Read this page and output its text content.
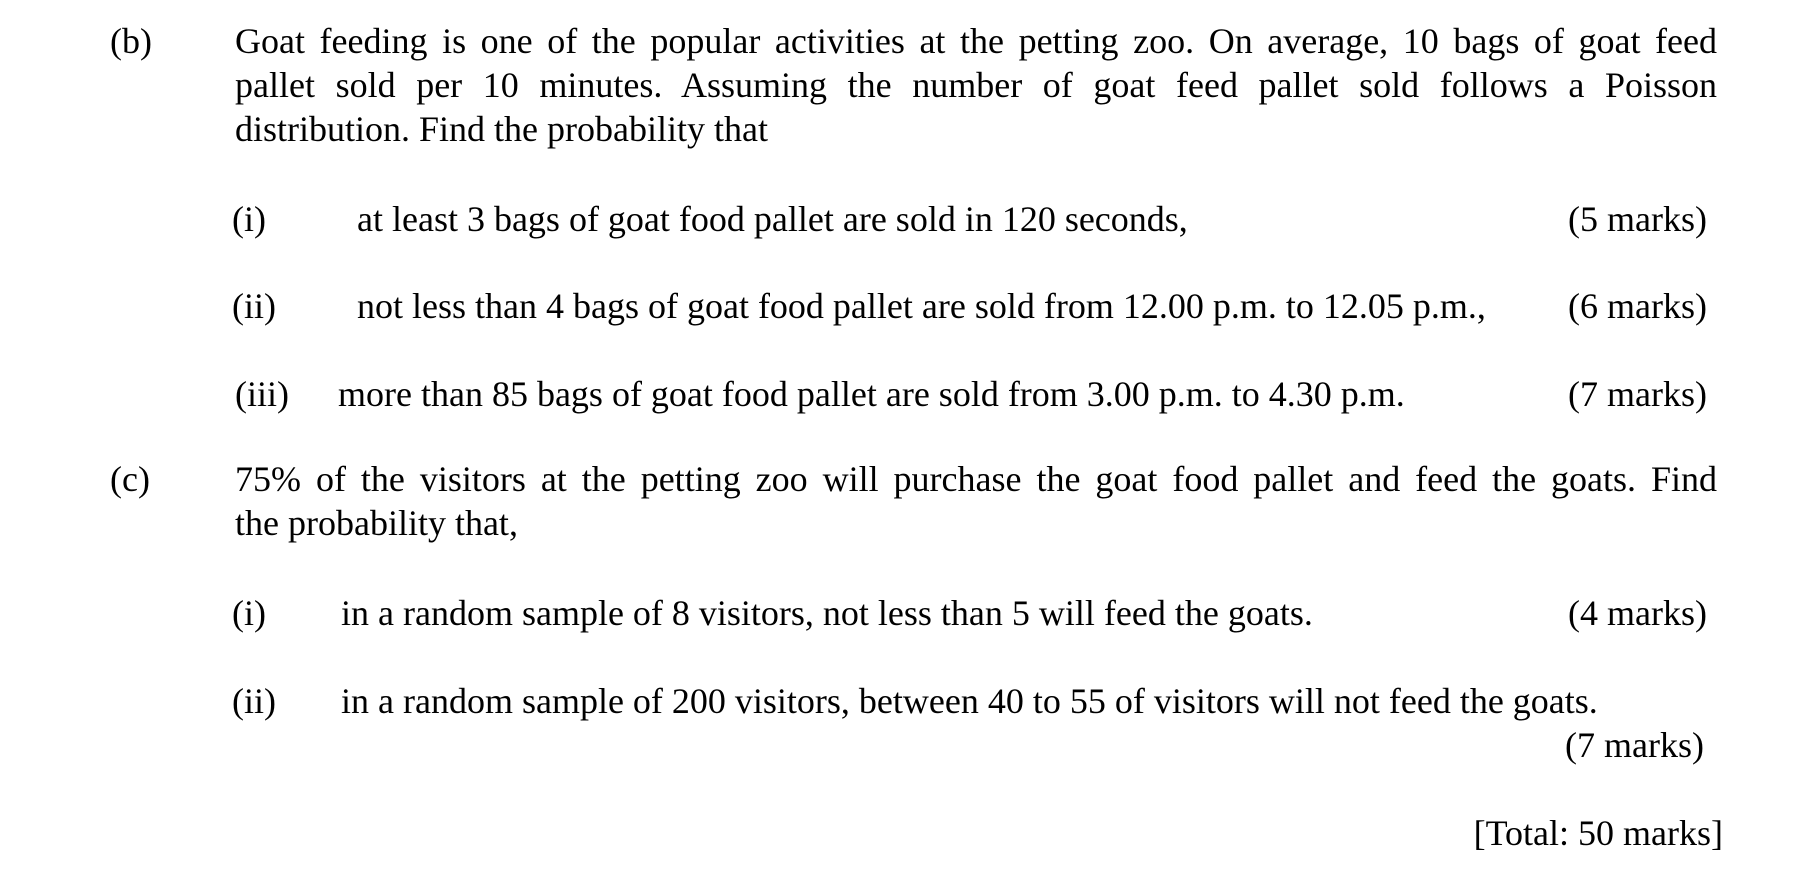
(b) Goat feeding is one of the popular activities at the petting zoo. On average, 10 bags of goat feed
pallet sold per 10 minutes. Assuming the number of goat feed pallet sold follows a Poisson
distribution. Find the probability that
(i)	at least 3 bags of goat food pallet are sold in 120 seconds,	(5 marks)
(ii) not less than 4 bags of goat food pallet are sold from 12.00 p.m. to 12.05 p.m., (6 marks)
(iii) more than 85 bags of goat food pallet are sold from 3.00 p.m. to 4.30 p.m.	(7 marks)
(c) 75% of the visitors at the petting zoo will purchase the goat food pallet and feed the goats. Find
the probability that,
(i) in a random sample of 8 visitors, not less than 5 will feed the goats.	(4 marks)
(ii) in a random sample of 200 visitors, between 40 to 55 of visitors will not feed the goats.
(7 marks)
[Total: 50 marks]
